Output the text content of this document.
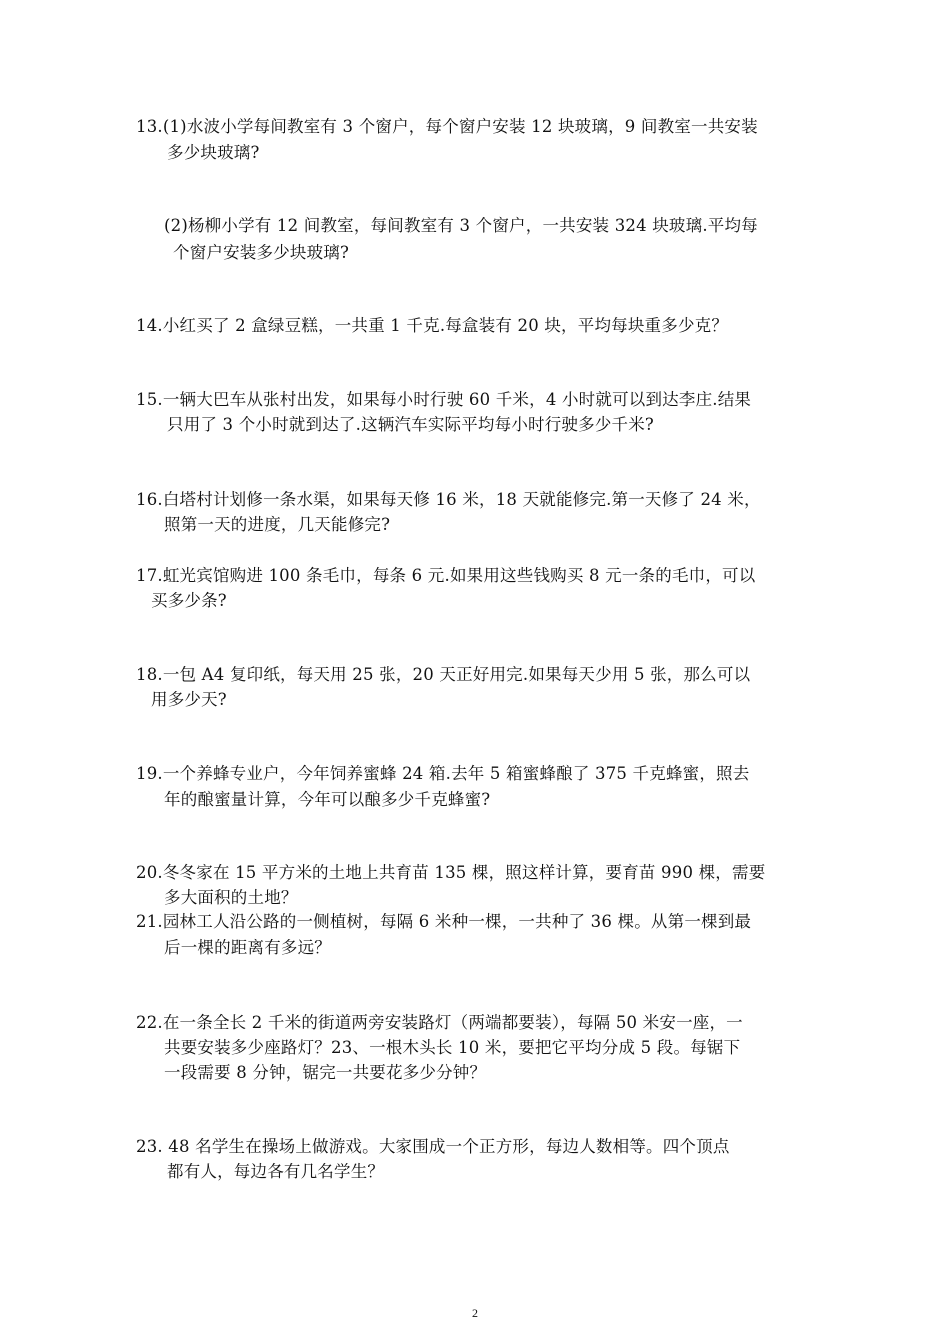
13.(1)水波小学每间教室有 3 个窗户，每个窗户安装 12 块玻璃，9 间教室一共安装
多少块玻璃?
(2)杨柳小学有 12 间教室，每间教室有 3 个窗户，一共安装 324 块玻璃.平均每
个窗户安装多少块玻璃?
14.小红买了 2 盒绿豆糕，一共重 1 千克.每盒装有 20 块，平均每块重多少克？
15.一辆大巴车从张村出发，如果每小时行驶 60 千米，4 小时就可以到达李庄.结果
只用了 3 个小时就到达了.这辆汽车实际平均每小时行驶多少千米?
16.白塔村计划修一条水渠，如果每天修 16 米，18 天就能修完.第一天修了 24 米，
照第一天的进度，几天能修完?
17.虹光宾馆购进 100 条毛巾，每条 6 元.如果用这些钱购买 8 元一条的毛巾，可以
买多少条?
18.一包 A4 复印纸，每天用 25 张，20 天正好用完.如果每天少用 5 张，那么可以
用多少天?
19.一个养蜂专业户，今年饲养蜜蜂 24 箱.去年 5 箱蜜蜂酿了 375 千克蜂蜜，照去
年的酿蜜量计算，今年可以酿多少千克蜂蜜?
20.冬冬家在 15 平方米的土地上共育苗 135 棵，照这样计算，要育苗 990 棵，需要
多大面积的土地？
21.园林工人沿公路的一侧植树，每隔 6 米种一棵，一共种了 36 棵。从第一棵到最
后一棵的距离有多远？
22.在一条全长 2 千米的街道两旁安装路灯（两端都要装），每隔 50 米安一座，一
共要安装多少座路灯？23、一根木头长 10 米，要把它平均分成 5 段。每锯下
一段需要 8 分钟，锯完一共要花多少分钟？
23. 48 名学生在操场上做游戏。大家围成一个正方形，每边人数相等。四个顶点
都有人，每边各有几名学生？
2
